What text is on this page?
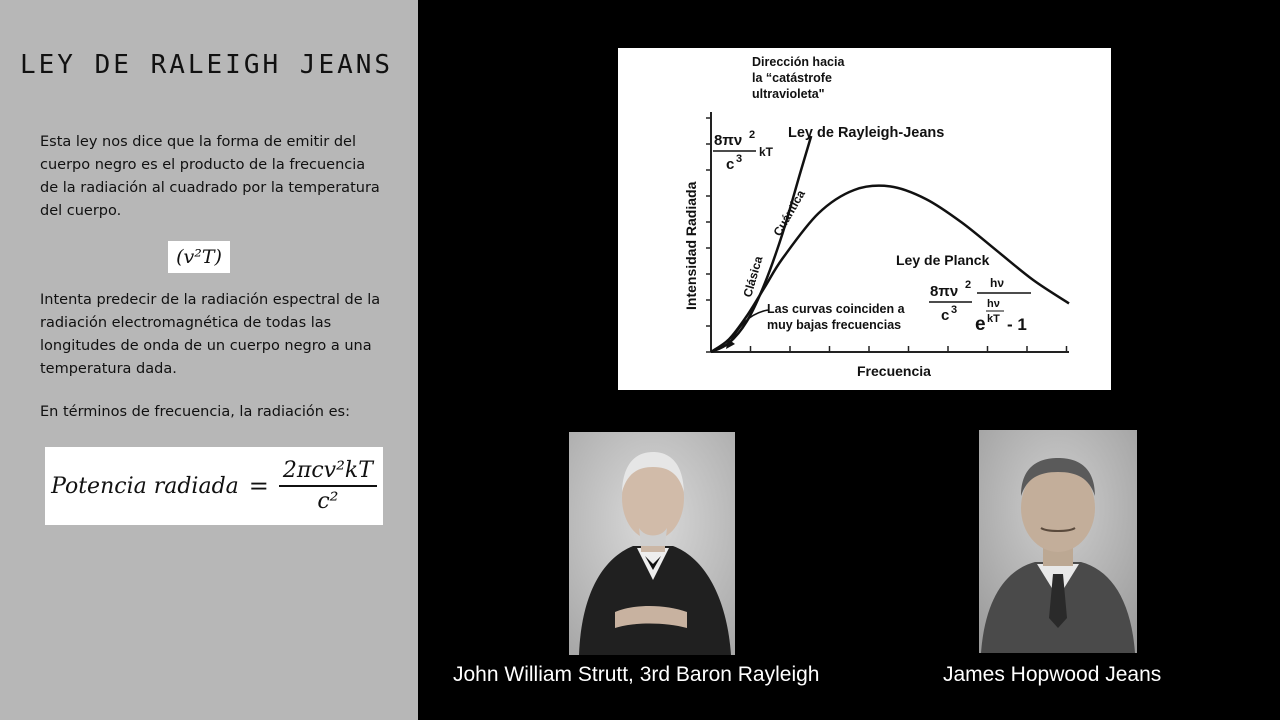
LEY DE RALEIGH JEANS
Esta ley nos dice que la forma de emitir del cuerpo negro es el producto de la frecuencia de la radiación al cuadrado por la temperatura del cuerpo.
(v²T)
Intenta predecir de la radiación espectral de la radiación electromagnética de todas las longitudes de onda de un cuerpo negro a una temperatura dada.
En términos de frecuencia, la radiación es:
Potencia radiada = $\frac{\text{2πcv²kT}}{\text{c²}}$
Dirección hacia
la “catástrofe
ultravioleta"
Ley de Rayleigh-Jeans
8πν 2
c 3 kT
Intensidad Radiada	Clásica
Cuántica
Ley de Planck
8πν 2
c 3
hν
e
hν
kT - 1
Las curvas coinciden a
muy bajas frecuencias
Frecuencia
John William Strutt, 3rd Baron Rayleigh	James Hopwood Jeans
